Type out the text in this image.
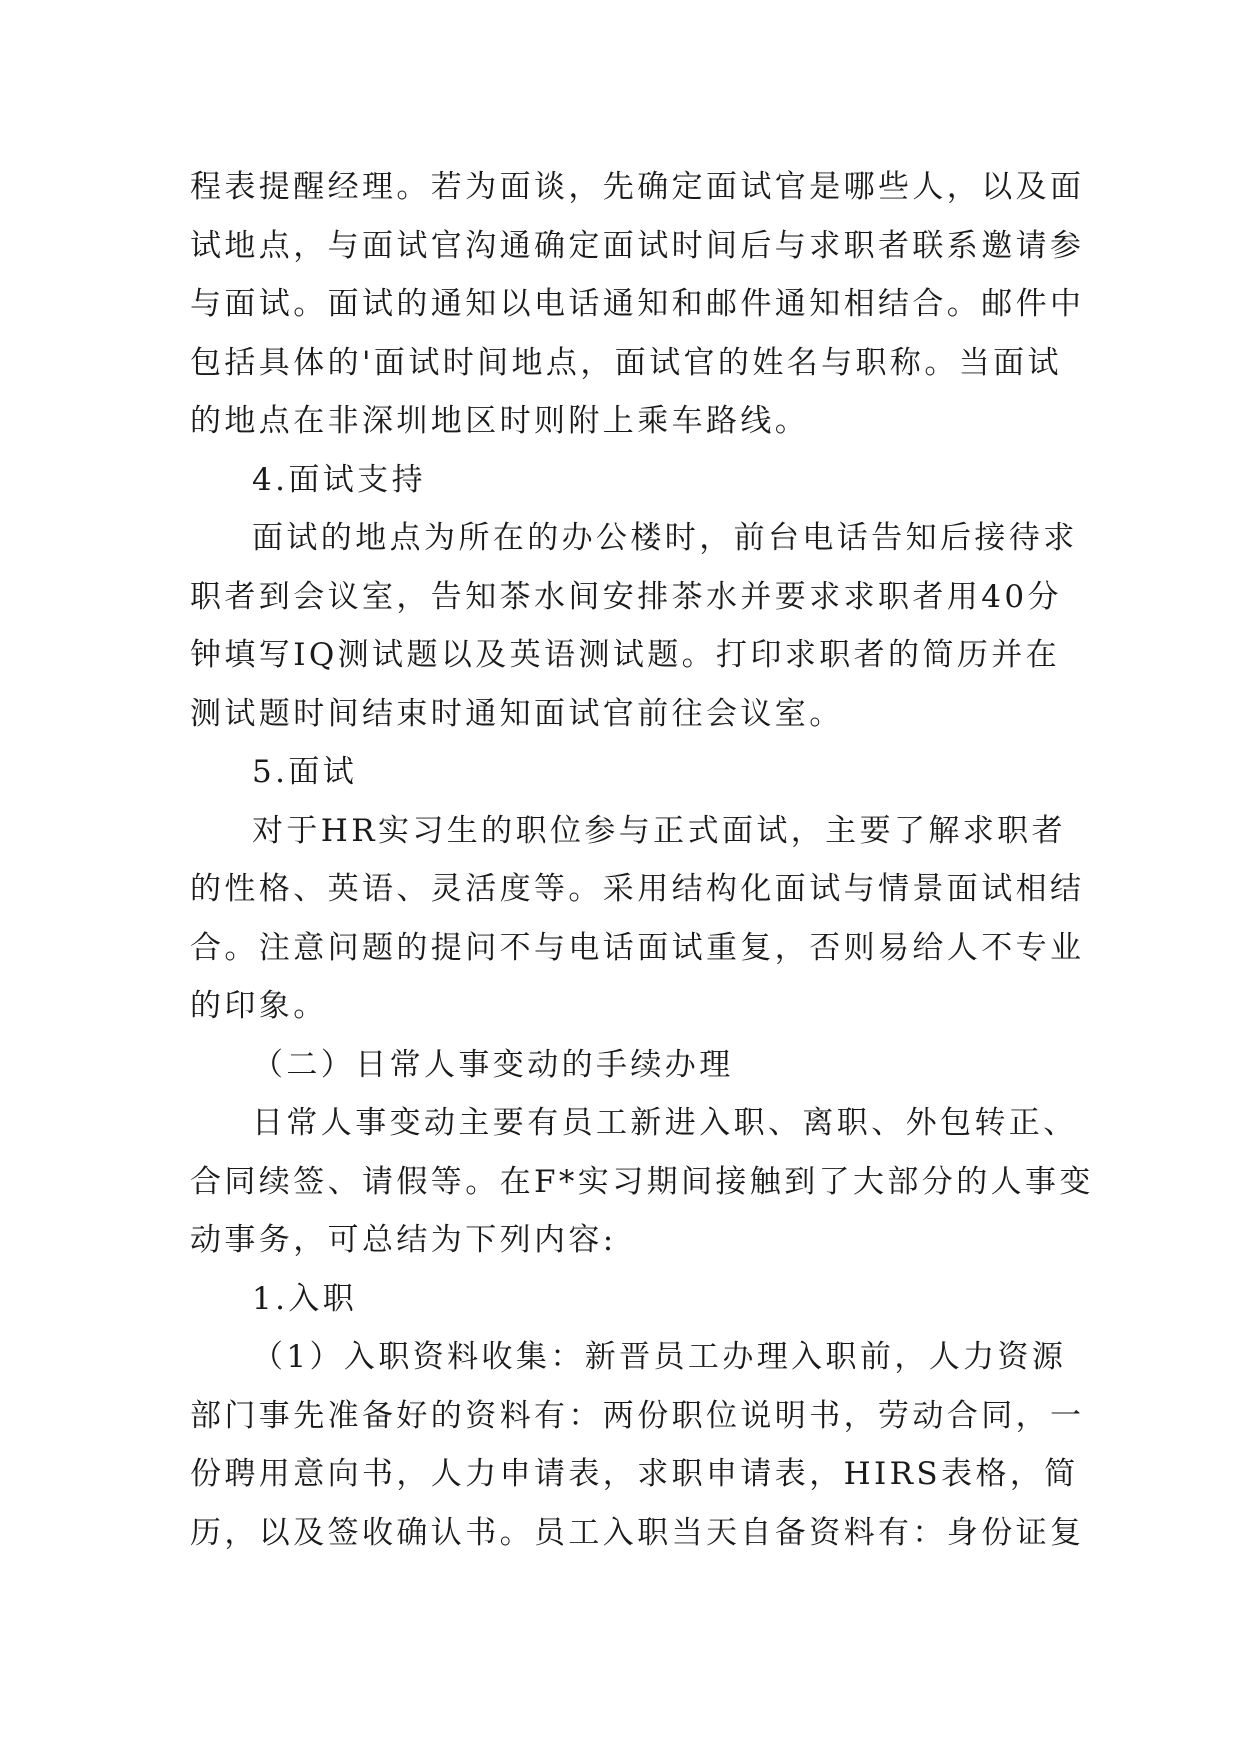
程表提醒经理。若为面谈，先确定面试官是哪些人，以及面
试地点，与面试官沟通确定面试时间后与求职者联系邀请参
与面试。面试的通知以电话通知和邮件通知相结合。邮件中
包括具体的'面试时间地点，面试官的姓名与职称。当面试
的地点在非深圳地区时则附上乘车路线。
4.面试支持
面试的地点为所在的办公楼时，前台电话告知后接待求
职者到会议室，告知茶水间安排茶水并要求求职者用40分
钟填写IQ测试题以及英语测试题。打印求职者的简历并在
测试题时间结束时通知面试官前往会议室。
5.面试
对于HR实习生的职位参与正式面试，主要了解求职者
的性格、英语、灵活度等。采用结构化面试与情景面试相结
合。注意问题的提问不与电话面试重复，否则易给人不专业
的印象。
（二）日常人事变动的手续办理
日常人事变动主要有员工新进入职、离职、外包转正、
合同续签、请假等。在F*实习期间接触到了大部分的人事变
动事务，可总结为下列内容:
1.入职
（1）入职资料收集：新晋员工办理入职前，人力资源
部门事先准备好的资料有：两份职位说明书，劳动合同，一
份聘用意向书，人力申请表，求职申请表，HIRS表格，简
历，以及签收确认书。员工入职当天自备资料有：身份证复
